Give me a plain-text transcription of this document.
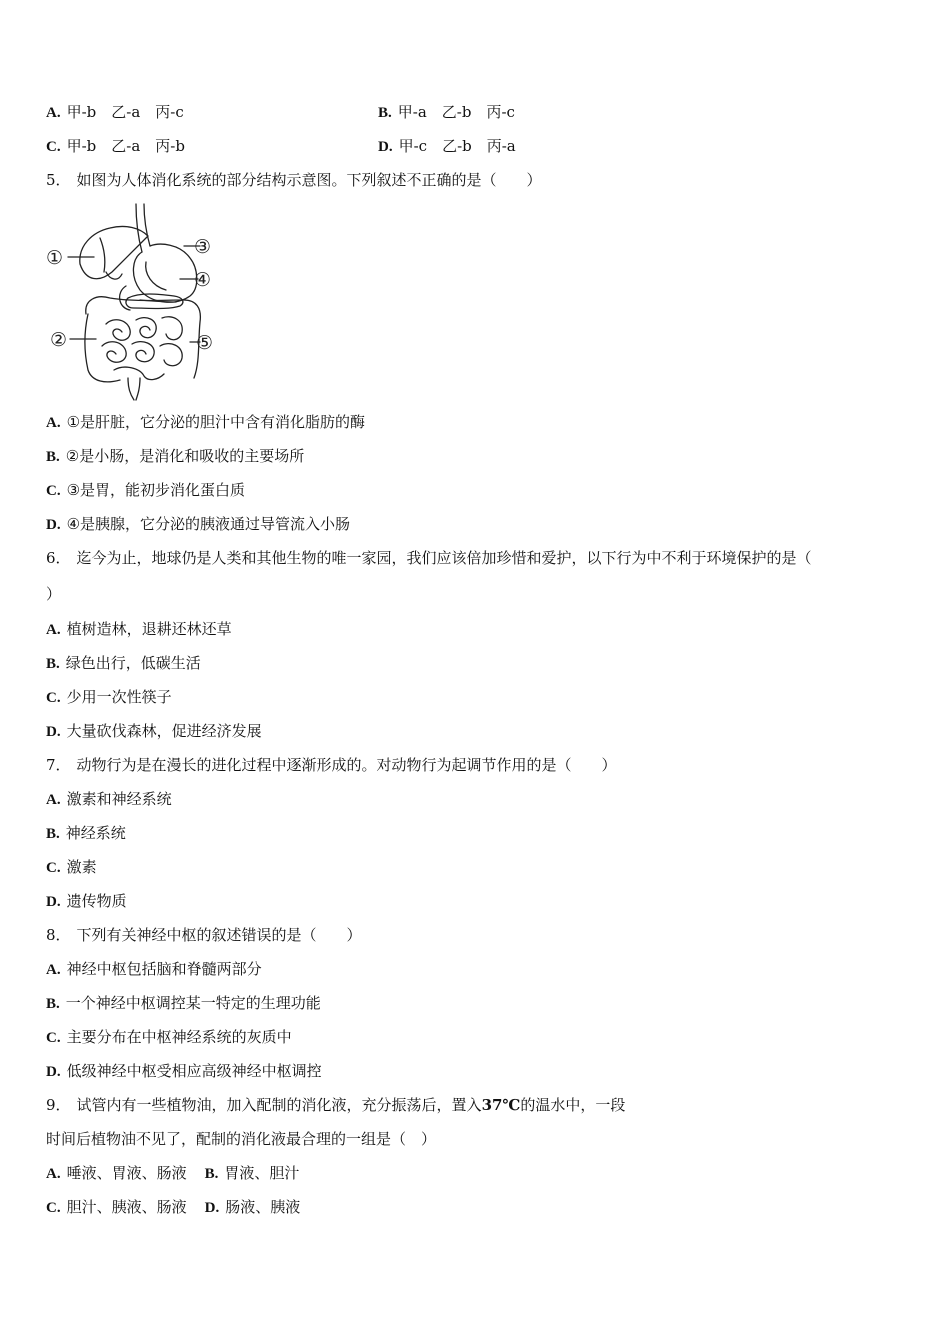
A. 甲-b　乙-a　丙-c	B. 甲-a　乙-b　丙-c
C. 甲-b　乙-a　丙-b	D. 甲-c　乙-b　丙-a
5． 如图为人体消化系统的部分结构示意图。下列叙述不正确的是（　　）
①
②
③
④
⑤
A. ①是肝脏，它分泌的胆汁中含有消化脂肪的酶
B. ②是小肠，是消化和吸收的主要场所
C. ③是胃，能初步消化蛋白质
D. ④是胰腺，它分泌的胰液通过导管流入小肠
6． 迄今为止，地球仍是人类和其他生物的唯一家园，我们应该倍加珍惜和爱护，以下行为中不利于环境保护的是（
）
A. 植树造林，退耕还林还草
B. 绿色出行，低碳生活
C. 少用一次性筷子
D. 大量砍伐森林，促进经济发展
7． 动物行为是在漫长的进化过程中逐渐形成的。对动物行为起调节作用的是（　　）
A. 激素和神经系统
B. 神经系统
C. 激素
D. 遗传物质
8． 下列有关神经中枢的叙述错误的是（　　）
A. 神经中枢包括脑和脊髓两部分
B. 一个神经中枢调控某一特定的生理功能
C. 主要分布在中枢神经系统的灰质中
D. 低级神经中枢受相应高级神经中枢调控
9． 试管内有一些植物油，加入配制的消化液，充分振荡后，置入37℃的温水中，一段
时间后植物油不见了，配制的消化液最合理的一组是（　）
A. 唾液、胃液、肠液 B. 胃液、胆汁
C. 胆汁、胰液、肠液 D. 肠液、胰液
